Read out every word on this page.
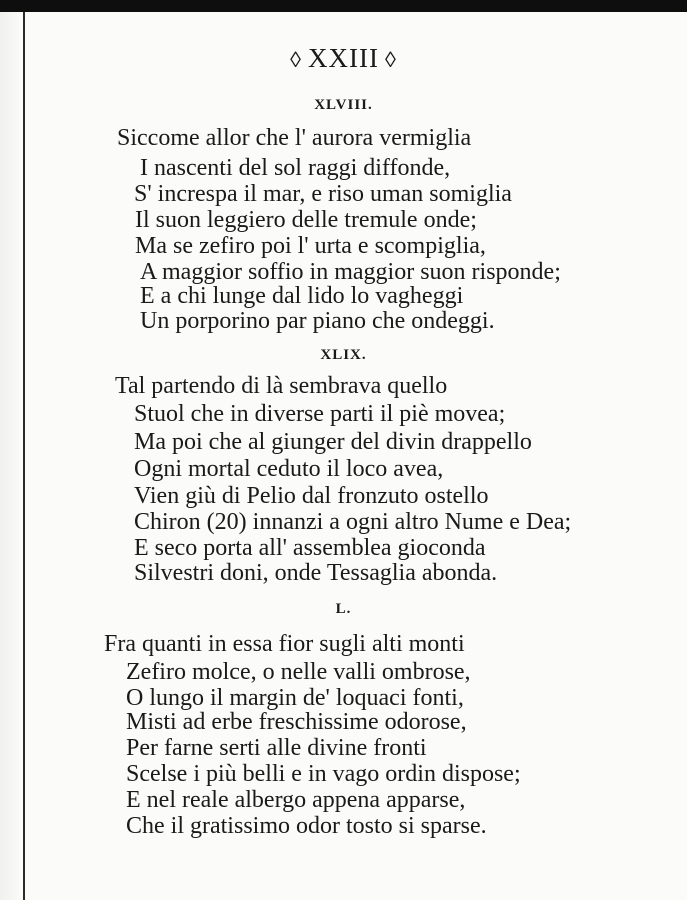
◊ XXIII ◊
XLVIII.
Siccome allor che l' aurora vermiglia
I nascenti del sol raggi diffonde,
S' increspa il mar, e riso uman somiglia
Il suon leggiero delle tremule onde;
Ma se zefiro poi l' urta e scompiglia,
A maggior soffio in maggior suon risponde;
E a chi lunge dal lido lo vagheggi
Un porporino par piano che ondeggi.
XLIX.
Tal partendo di là sembrava quello
Stuol che in diverse parti il piè movea;
Ma poi che al giunger del divin drappello
Ogni mortal ceduto il loco avea,
Vien giù di Pelio dal fronzuto ostello
Chiron (20) innanzi a ogni altro Nume e Dea;
E seco porta all' assemblea gioconda
Silvestri doni, onde Tessaglia abonda.
L.
Fra quanti in essa fior sugli alti monti
Zefiro molce, o nelle valli ombrose,
O lungo il margin de' loquaci fonti,
Misti ad erbe freschissime odorose,
Per farne serti alle divine fronti
Scelse i più belli e in vago ordin dispose;
E nel reale albergo appena apparse,
Che il gratissimo odor tosto si sparse.
